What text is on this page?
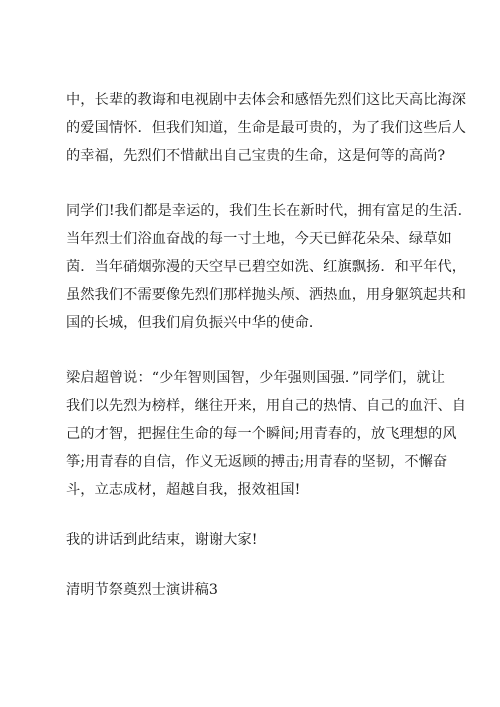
中，长辈的教诲和电视剧中去体会和感悟先烈们这比天高比海深
的爱国情怀．但我们知道，生命是最可贵的，为了我们这些后人
的幸福，先烈们不惜献出自己宝贵的生命，这是何等的高尚?
同学们!我们都是幸运的，我们生长在新时代，拥有富足的生活．
当年烈士们浴血奋战的每一寸土地，今天已鲜花朵朵、绿草如
茵．当年硝烟弥漫的天空早已碧空如洗、红旗飘扬．和平年代，
虽然我们不需要像先烈们那样抛头颅、洒热血，用身躯筑起共和
国的长城，但我们肩负振兴中华的使命．
梁启超曾说：“少年智则国智，少年强则国强．”同学们，就让
我们以先烈为榜样，继往开来，用自己的热情、自己的血汗、自
己的才智，把握住生命的每一个瞬间;用青春的，放飞理想的风
筝;用青春的自信，作义无返顾的搏击;用青春的坚韧，不懈奋
斗，立志成材，超越自我，报效祖国!
我的讲话到此结束，谢谢大家!
清明节祭奠烈士演讲稿3
